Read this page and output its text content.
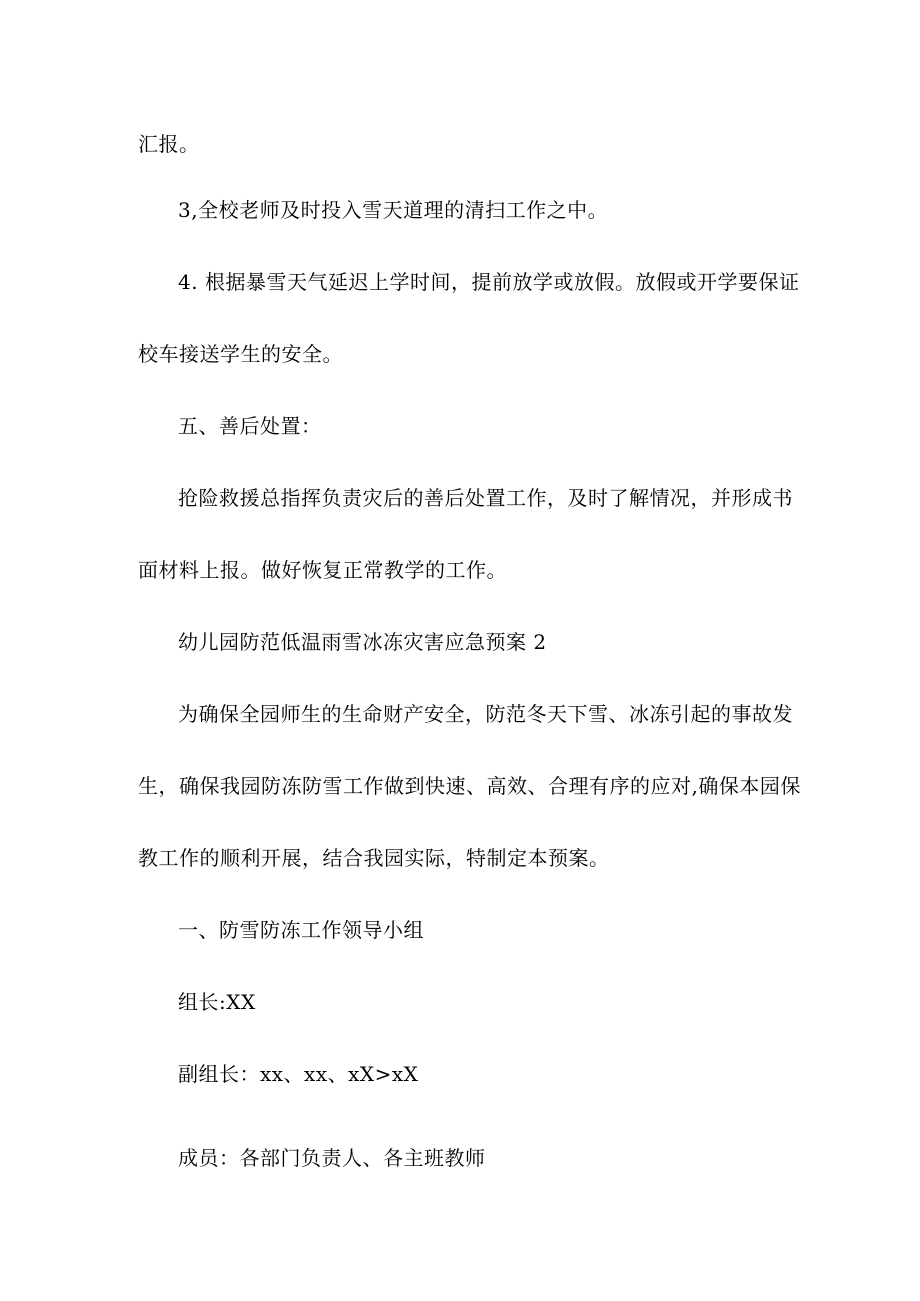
汇报。
3,全校老师及时投入雪天道理的清扫工作之中。
4. 根据暴雪天气延迟上学时间，提前放学或放假。放假或开学要保证
校车接送学生的安全。
五、善后处置：
抢险救援总指挥负责灾后的善后处置工作，及时了解情况，并形成书
面材料上报。做好恢复正常教学的工作。
幼儿园防范低温雨雪冰冻灾害应急预案 2
为确保全园师生的生命财产安全，防范冬天下雪、冰冻引起的事故发
生，确保我园防冻防雪工作做到快速、高效、合理有序的应对,确保本园保
教工作的顺利开展，结合我园实际，特制定本预案。
一、防雪防冻工作领导小组
组长:XX
副组长：xx、xx、xX>xX
成员：各部门负责人、各主班教师
